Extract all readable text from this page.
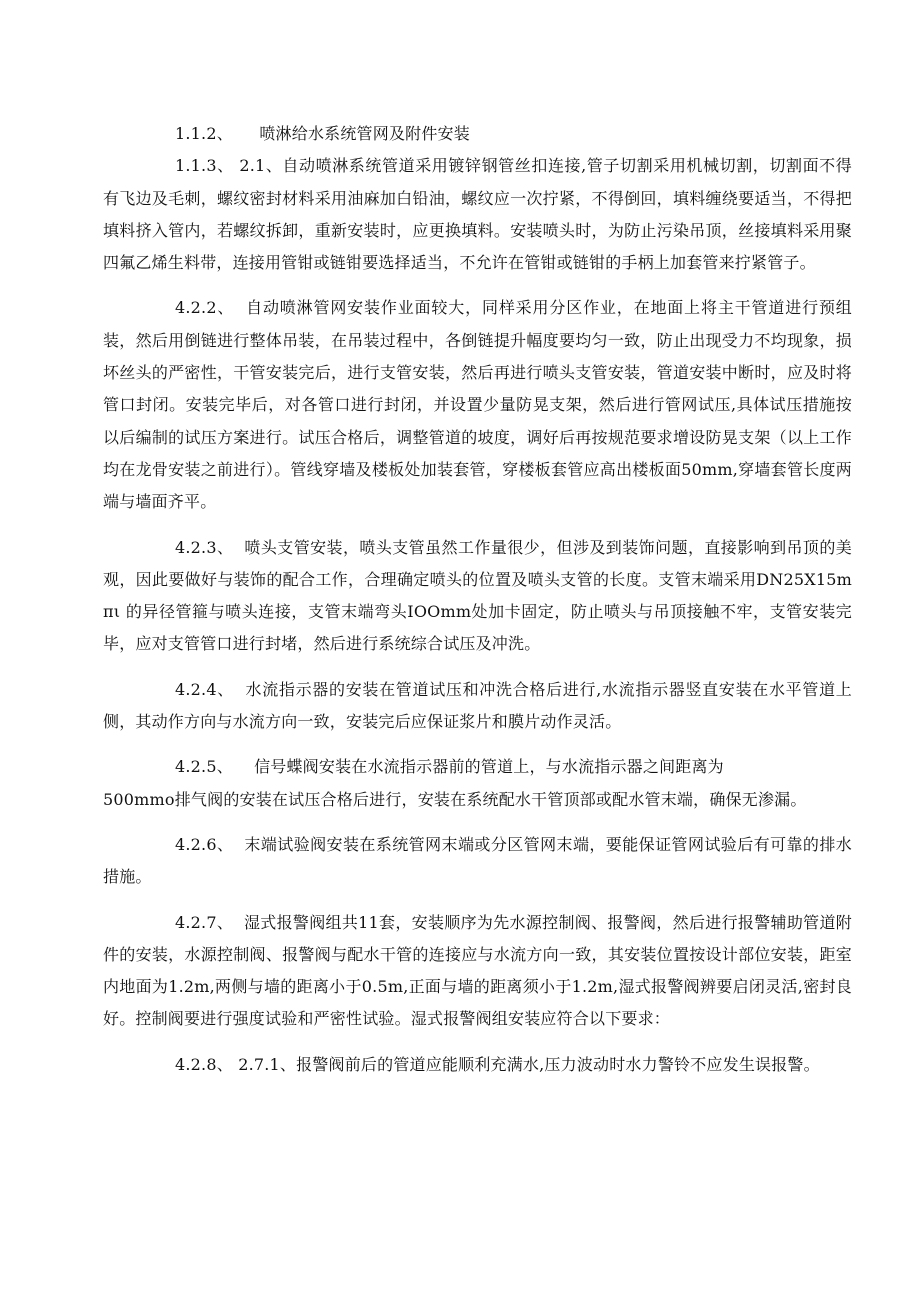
1.1.2、 喷淋给水系统管网及附件安装

1.1.3、 2.1、自动喷淋系统管道采用镀锌钢管丝扣连接,管子切割采用机械切割，切割面不得有飞边及毛刺，螺纹密封材料采用油麻加白铅油，螺纹应一次拧紧，不得倒回，填料缠绕要适当，不得把填料挤入管内，若螺纹拆卸，重新安装时，应更换填料。安装喷头时，为防止污染吊顶，丝接填料采用聚四氟乙烯生料带，连接用管钳或链钳要选择适当，不允许在管钳或链钳的手柄上加套管来拧紧管子。

4.2.2、 自动喷淋管网安装作业面较大，同样采用分区作业，在地面上将主干管道进行预组装，然后用倒链进行整体吊装，在吊装过程中，各倒链提升幅度要均匀一致，防止出现受力不均现象，损坏丝头的严密性，干管安装完后，进行支管安装，然后再进行喷头支管安装，管道安装中断时，应及时将管口封闭。安装完毕后，对各管口进行封闭，并设置少量防晃支架，然后进行管网试压,具体试压措施按以后编制的试压方案进行。试压合格后，调整管道的坡度，调好后再按规范要求增设防晃支架（以上工作均在龙骨安装之前进行）。管线穿墙及楼板处加装套管，穿楼板套管应高出楼板面50mm,穿墙套管长度两端与墙面齐平。

4.2.3、 喷头支管安装，喷头支管虽然工作量很少，但涉及到装饰问题，直接影响到吊顶的美观，因此要做好与装饰的配合工作，合理确定喷头的位置及喷头支管的长度。支管末端采用DN25X15mπι 的异径管箍与喷头连接，支管末端弯头IOOmm处加卡固定，防止喷头与吊顶接触不牢，支管安装完毕，应对支管管口进行封堵，然后进行系统综合试压及冲洗。

4.2.4、 水流指示器的安装在管道试压和冲洗合格后进行,水流指示器竖直安装在水平管道上侧，其动作方向与水流方向一致，安装完后应保证浆片和膜片动作灵活。

4.2.5、 信号蝶阀安装在水流指示器前的管道上，与水流指示器之间距离为

500mmo排气阀的安装在试压合格后进行，安装在系统配水干管顶部或配水管末端，确保无渗漏。

4.2.6、 末端试验阀安装在系统管网末端或分区管网末端，要能保证管网试验后有可靠的排水措施。

4.2.7、 湿式报警阀组共11套，安装顺序为先水源控制阀、报警阀，然后进行报警辅助管道附件的安装，水源控制阀、报警阀与配水干管的连接应与水流方向一致，其安装位置按设计部位安装，距室内地面为1.2m,两侧与墙的距离小于0.5m,正面与墙的距离须小于1.2m,湿式报警阀辨要启闭灵活,密封良好。控制阀要进行强度试验和严密性试验。湿式报警阀组安装应符合以下要求：

4.2.8、 2.7.1、报警阀前后的管道应能顺利充满水,压力波动时水力警铃不应发生误报警。
